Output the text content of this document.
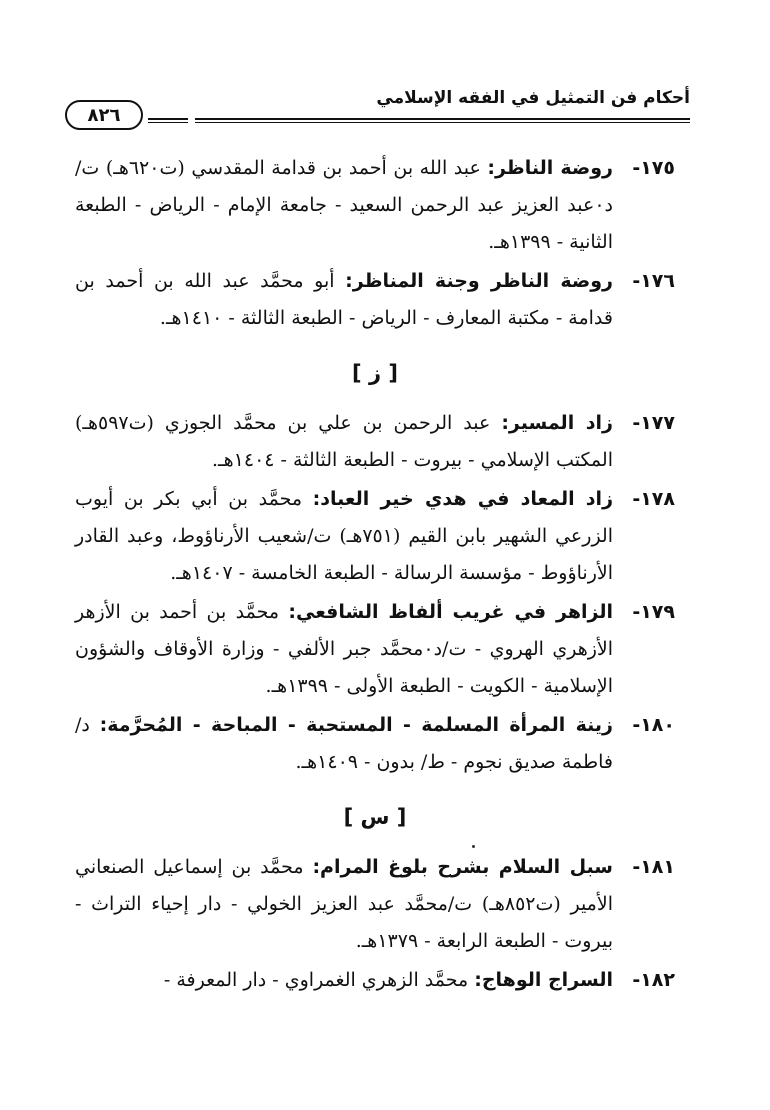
أحكام فن التمثيل في الفقه الإسلامي
٨٢٦
١٧٥-
روضة الناظر: عبد الله بن أحمد بن قدامة المقدسي (ت٦٢٠هـ) ت/د٠عبد العزيز عبد الرحمن السعيد - جامعة الإمام - الرياض - الطبعة الثانية - ١٣٩٩هـ.
١٧٦-
روضة الناظر وجنة المناظر: أبو محمَّد عبد الله بن أحمد بن قدامة - مكتبة المعارف - الرياض - الطبعة الثالثة - ١٤١٠هـ.
[ ز ]
١٧٧-
زاد المسير: عبد الرحمن بن علي بن محمَّد الجوزي (ت٥٩٧هـ) المكتب الإسلامي - بيروت - الطبعة الثالثة - ١٤٠٤هـ.
١٧٨-
زاد المعاد في هدي خير العباد: محمَّد بن أبي بكر بن أيوب الزرعي الشهير بابن القيم (٧٥١هـ) ت/شعيب الأرناؤوط، وعبد القادر الأرناؤوط - مؤسسة الرسالة - الطبعة الخامسة - ١٤٠٧هـ.
١٧٩-
الزاهر في غريب ألفاظ الشافعي: محمَّد بن أحمد بن الأزهر الأزهري الهروي - ت/د٠محمَّد جبر الألفي - وزارة الأوقاف والشؤون الإسلامية - الكويت - الطبعة الأولى - ١٣٩٩هـ.
١٨٠-
زينة المرأة المسلمة - المستحبة - المباحة - المُحرَّمة: د/فاطمة صديق نجوم - ط/ بدون - ١٤٠٩هـ.
[ س ]
١٨١-
سبل السلام بشرح بلوغ المرام: محمَّد بن إسماعيل الصنعاني الأمير (ت٨٥٢هـ) ت/محمَّد عبد العزيز الخولي - دار إحياء التراث - بيروت - الطبعة الرابعة - ١٣٧٩هـ.
١٨٢-
السراج الوهاج: محمَّد الزهري الغمراوي - دار المعرفة -
